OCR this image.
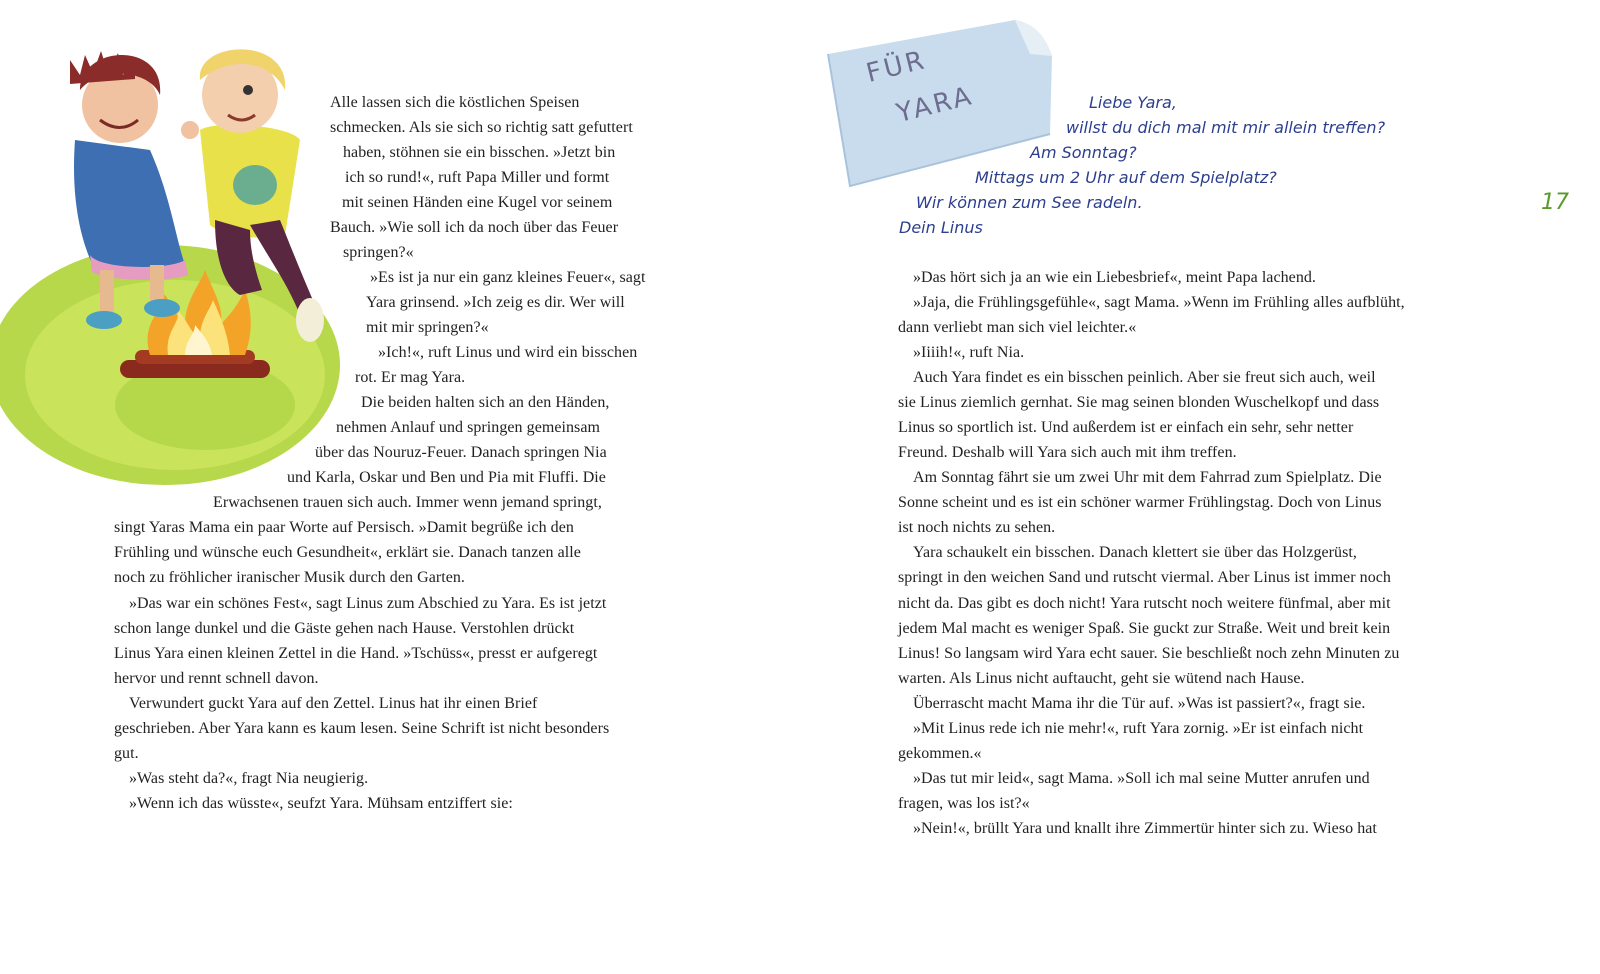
Alle lassen sich die köstlichen Speisen
schmecken. Als sie sich so richtig satt gefuttert
haben, stöhnen sie ein bisschen. »Jetzt bin
ich so rund!«, ruft Papa Miller und formt
mit seinen Händen eine Kugel vor seinem
Bauch. »Wie soll ich da noch über das Feuer
springen?«
»Es ist ja nur ein ganz kleines Feuer«, sagt
Yara grinsend. »Ich zeig es dir. Wer will
mit mir springen?«
»Ich!«, ruft Linus und wird ein bisschen
rot. Er mag Yara.
Die beiden halten sich an den Händen,
nehmen Anlauf und springen gemeinsam
über das Nouruz-Feuer. Danach springen Nia
und Karla, Oskar und Ben und Pia mit Fluffi. Die
Erwachsenen trauen sich auch. Immer wenn jemand springt,
singt Yaras Mama ein paar Worte auf Persisch. »Damit begrüße ich den
Frühling und wünsche euch Gesundheit«, erklärt sie. Danach tanzen alle
noch zu fröhlicher iranischer Musik durch den Garten.
»Das war ein schönes Fest«, sagt Linus zum Abschied zu Yara. Es ist jetzt
schon lange dunkel und die Gäste gehen nach Hause. Verstohlen drückt
Linus Yara einen kleinen Zettel in die Hand. »Tschüss«, presst er aufgeregt
hervor und rennt schnell davon.
Verwundert guckt Yara auf den Zettel. Linus hat ihr einen Brief
geschrieben. Aber Yara kann es kaum lesen. Seine Schrift ist nicht besonders
gut.
»Was steht da?«, fragt Nia neugierig.
»Wenn ich das wüsste«, seufzt Yara. Mühsam entziffert sie:
FÜR
YARA	Liebe Yara,
willst du dich mal mit mir allein treffen?
Am Sonntag?
Mittags um 2 Uhr auf dem Spielplatz?
Wir können zum See radeln.
Dein Linus
17
»Das hört sich ja an wie ein Liebesbrief«, meint Papa lachend.
»Jaja, die Frühlingsgefühle«, sagt Mama. »Wenn im Frühling alles aufblüht,
dann verliebt man sich viel leichter.«
»Iiiih!«, ruft Nia.
Auch Yara findet es ein bisschen peinlich. Aber sie freut sich auch, weil
sie Linus ziemlich gernhat. Sie mag seinen blonden Wuschelkopf und dass
Linus so sportlich ist. Und außerdem ist er einfach ein sehr, sehr netter
Freund. Deshalb will Yara sich auch mit ihm treffen.
Am Sonntag fährt sie um zwei Uhr mit dem Fahrrad zum Spielplatz. Die
Sonne scheint und es ist ein schöner warmer Frühlingstag. Doch von Linus
ist noch nichts zu sehen.
Yara schaukelt ein bisschen. Danach klettert sie über das Holzgerüst,
springt in den weichen Sand und rutscht viermal. Aber Linus ist immer noch
nicht da. Das gibt es doch nicht! Yara rutscht noch weitere fünfmal, aber mit
jedem Mal macht es weniger Spaß. Sie guckt zur Straße. Weit und breit kein
Linus! So langsam wird Yara echt sauer. Sie beschließt noch zehn Minuten zu
warten. Als Linus nicht auftaucht, geht sie wütend nach Hause.
Überrascht macht Mama ihr die Tür auf. »Was ist passiert?«, fragt sie.
»Mit Linus rede ich nie mehr!«, ruft Yara zornig. »Er ist einfach nicht
gekommen.«
»Das tut mir leid«, sagt Mama. »Soll ich mal seine Mutter anrufen und
fragen, was los ist?«
»Nein!«, brüllt Yara und knallt ihre Zimmertür hinter sich zu. Wieso hat
